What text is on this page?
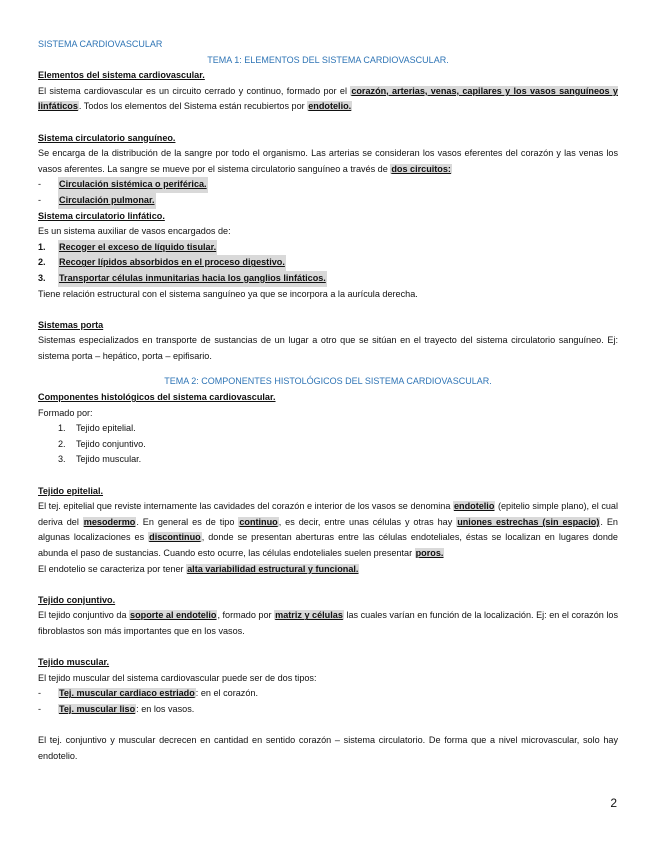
SISTEMA CARDIOVASCULAR
TEMA 1: ELEMENTOS DEL SISTEMA CARDIOVASCULAR.
Elementos del sistema cardiovascular.
El sistema cardiovascular es un circuito cerrado y continuo, formado por el corazón, arterias, venas, capilares y los vasos sanguíneos y linfáticos. Todos los elementos del Sistema están recubiertos por endotelio.
Sistema circulatorio sanguíneo.
Se encarga de la distribución de la sangre por todo el organismo. Las arterias se consideran los vasos eferentes del corazón y las venas los vasos aferentes. La sangre se mueve por el sistema circulatorio sanguíneo a través de dos circuitos:
-	Circulación sistémica o periférica.
-	Circulación pulmonar.
Sistema circulatorio linfático.
Es un sistema auxiliar de vasos encargados de:
1.	Recoger el exceso de líquido tisular.
2.	Recoger lípidos absorbidos en el proceso digestivo.
3.	Transportar células inmunitarias hacia los ganglios linfáticos.
Tiene relación estructural con el sistema sanguíneo ya que se incorpora a la aurícula derecha.
Sistemas porta
Sistemas especializados en transporte de sustancias de un lugar a otro que se sitúan en el trayecto del sistema circulatorio sanguíneo. Ej: sistema porta – hepático, porta – epifisario.
TEMA 2: COMPONENTES HISTOLÓGICOS DEL SISTEMA CARDIOVASCULAR.
Componentes histológicos del sistema cardiovascular.
Formado por:
1.	Tejido epitelial.
2.	Tejido conjuntivo.
3.	Tejido muscular.
Tejido epitelial.
El tej. epitelial que reviste internamente las cavidades del corazón e interior de los vasos se denomina endotelio (epitelio simple plano), el cual deriva del mesodermo. En general es de tipo continuo, es decir, entre unas células y otras hay uniones estrechas (sin espacio). En algunas localizaciones es discontinuo, donde se presentan aberturas entre las células endoteliales, éstas se localizan en lugares donde abunda el paso de sustancias. Cuando esto ocurre, las células endoteliales suelen presentar poros.
El endotelio se caracteriza por tener alta variabilidad estructural y funcional.
Tejido conjuntivo.
El tejido conjuntivo da soporte al endotelio, formado por matriz y células las cuales varían en función de la localización. Ej: en el corazón los fibroblastos son más importantes que en los vasos.
Tejido muscular.
El tejido muscular del sistema cardiovascular puede ser de dos tipos:
-	Tej. muscular cardiaco estriado: en el corazón.
-	Tej. muscular liso: en los vasos.
El tej. conjuntivo y muscular decrecen en cantidad en sentido corazón – sistema circulatorio. De forma que a nivel microvascular, solo hay endotelio.
2
